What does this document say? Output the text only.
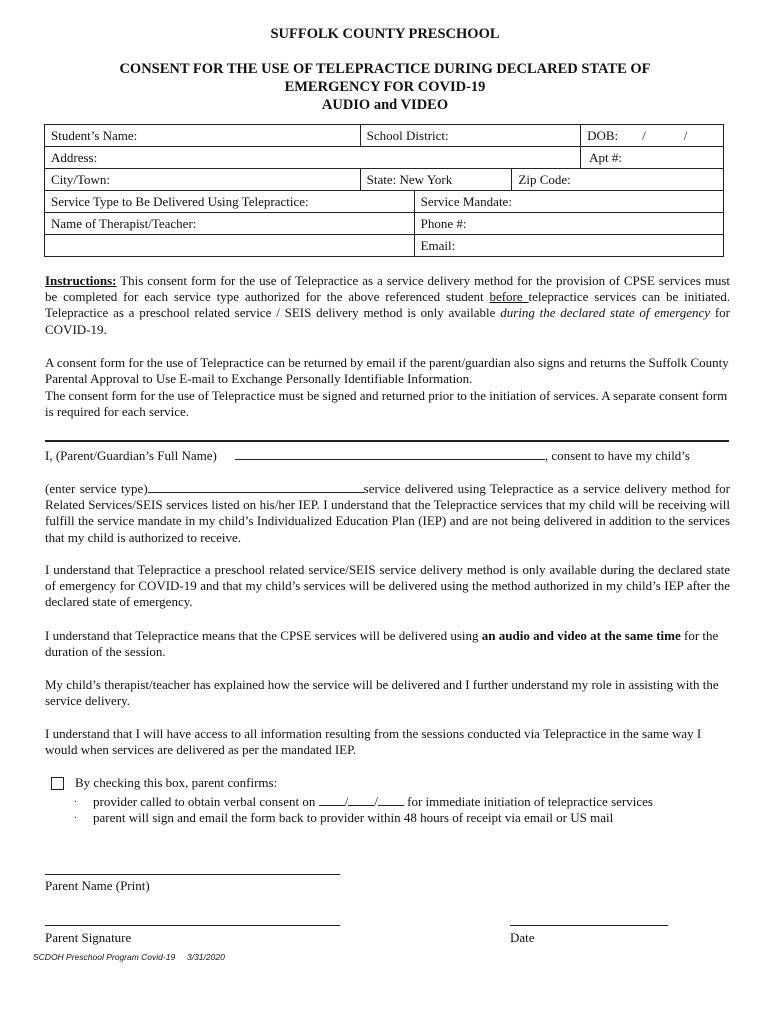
SUFFOLK COUNTY PRESCHOOL
CONSENT FOR THE USE OF TELEPRACTICE DURING DECLARED STATE OF
EMERGENCY FOR COVID-19
AUDIO and VIDEO
Student’s Name:	School District:			DOB: / /
Address:				Apt #:
City/Town:	State: New York		Zip Code:	
Service Type to Be Delivered Using Telepractice:		Service Mandate:		
Name of Therapist/Teacher:		Phone #:		
		Email:		
Instructions: This consent form for the use of Telepractice as a service delivery method for the provision of CPSE services must be completed for each service type authorized for the above referenced student before telepractice services can be initiated. Telepractice as a preschool related service / SEIS delivery method is only available during the declared state of emergency for COVID-19.
A consent form for the use of Telepractice can be returned by email if the parent/guardian also signs and returns the Suffolk County Parental Approval to Use E-mail to Exchange Personally Identifiable Information.
The consent form for the use of Telepractice must be signed and returned prior to the initiation of services. A separate consent form is required for each service.
I, (Parent/Guardian’s Full Name)	, consent to have my child’s
(enter service type)	service delivered using Telepractice as a service delivery method for Related Services/SEIS services listed on his/her IEP. I understand that the Telepractice services that my child will be receiving will fulfill the service mandate in my child’s Individualized Education Plan (IEP) and are not being delivered in addition to the services that my child is authorized to receive.
I understand that Telepractice a preschool related service/SEIS service delivery method is only available during the declared state of emergency for COVID-19 and that my child’s services will be delivered using the method authorized in my child’s IEP after the declared state of emergency.
I understand that Telepractice means that the CPSE services will be delivered using an audio and video at the same time for the duration of the session.
My child’s therapist/teacher has explained how the service will be delivered and I further understand my role in assisting with the service delivery.
I understand that I will have access to all information resulting from the sessions conducted via Telepractice in the same way I would when services are delivered as per the mandated IEP.
By checking this box, parent confirms:
· provider called to obtain verbal consent on / / for immediate initiation of telepractice services
· parent will sign and email the form back to provider within 48 hours of receipt via email or US mail
Parent Name (Print)
Parent Signature	Date
SCDOH Preschool Program Covid-19     3/31/2020
